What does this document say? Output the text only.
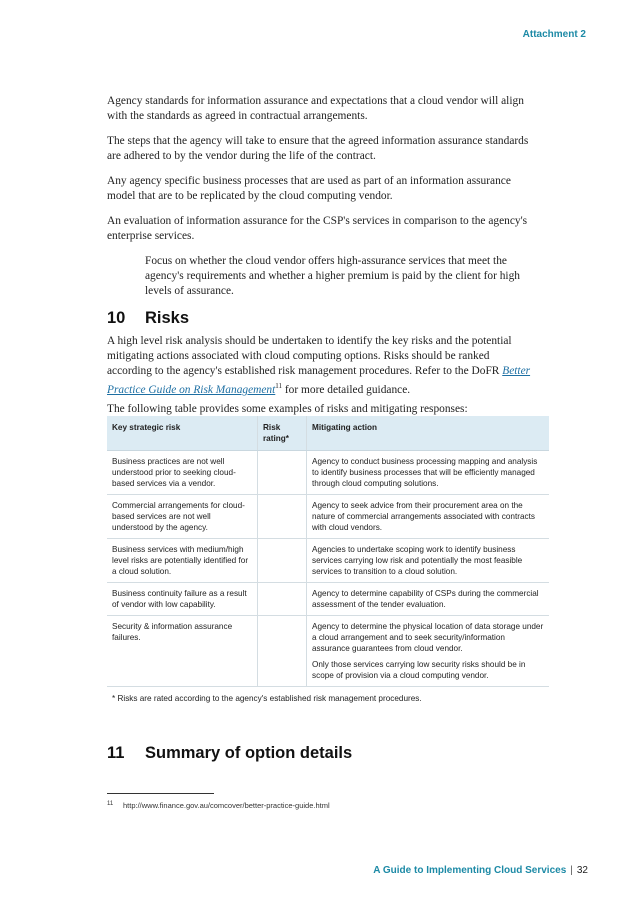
Attachment 2

Agency standards for information assurance and expectations that a cloud vendor will align with the standards as agreed in contractual arrangements.

The steps that the agency will take to ensure that the agreed information assurance standards are adhered to by the vendor during the life of the contract.

Any agency specific business processes that are used as part of an information assurance model that are to be replicated by the cloud computing vendor.

An evaluation of information assurance for the CSP's services in comparison to the agency's enterprise services.

Focus on whether the cloud vendor offers high-assurance services that meet the agency's requirements and whether a higher premium is paid by the client for high levels of assurance.

10	Risks

A high level risk analysis should be undertaken to identify the key risks and the potential mitigating actions associated with cloud computing options. Risks should be ranked according to the agency's established risk management procedures. Refer to the DoFR Better Practice Guide on Risk Management$^{11}$ for more detailed guidance.

The following table provides some examples of risks and mitigating responses:

Key strategic risk	Risk rating*	Mitigating action
Business practices are not well understood prior to seeking cloud-based services via a vendor.		Agency to conduct business processing mapping and analysis to identify business processes that will be efficiently managed through cloud computing solutions.
Commercial arrangements for cloud-based services are not well understood by the agency.		Agency to seek advice from their procurement area on the nature of commercial arrangements associated with contracts with cloud vendors.
Business services with medium/high level risks are potentially identified for a cloud solution.		Agencies to undertake scoping work to identify business services carrying low risk and potentially the most feasible services to transition to a cloud solution.
Business continuity failure as a result of vendor with low capability.		Agency to determine capability of CSPs during the commercial assessment of the tender evaluation.
Security & information assurance failures.		Agency to determine the physical location of data storage under a cloud arrangement and to seek security/information assurance guarantees from cloud vendor.

Only those services carrying low security risks should be in scope of provision via a cloud computing vendor.

* Risks are rated according to the agency's established risk management procedures.		
11	Summary of option details
11	http://www.finance.gov.au/comcover/better-practice-guide.html
A Guide to Implementing Cloud Services | 32
